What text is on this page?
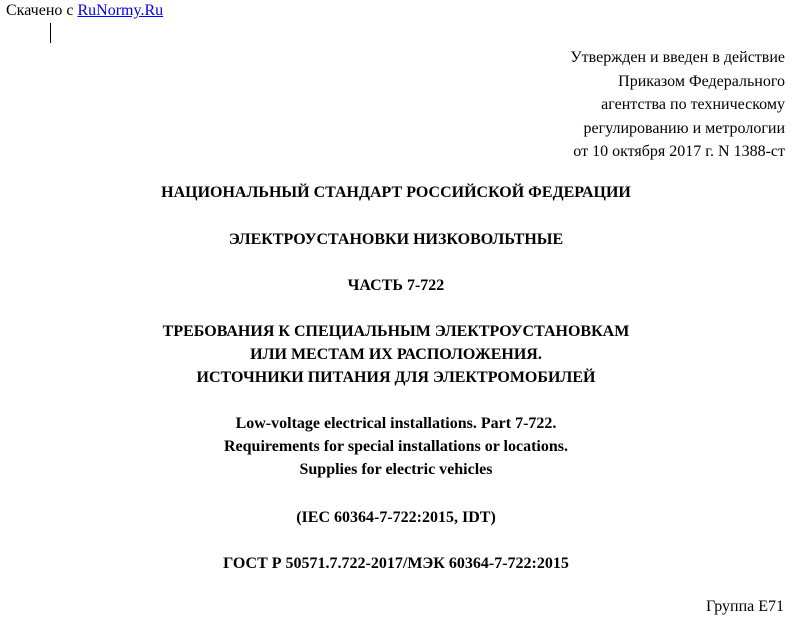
Скачено с RuNormy.Ru
Утвержден и введен в действие
Приказом Федерального
агентства по техническому
регулированию и метрологии
от 10 октября 2017 г. N 1388-ст
НАЦИОНАЛЬНЫЙ СТАНДАРТ РОССИЙСКОЙ ФЕДЕРАЦИИ
ЭЛЕКТРОУСТАНОВКИ НИЗКОВОЛЬТНЫЕ
ЧАСТЬ 7-722
ТРЕБОВАНИЯ К СПЕЦИАЛЬНЫМ ЭЛЕКТРОУСТАНОВКАМ
ИЛИ МЕСТАМ ИХ РАСПОЛОЖЕНИЯ.
ИСТОЧНИКИ ПИТАНИЯ ДЛЯ ЭЛЕКТРОМОБИЛЕЙ
Low-voltage electrical installations. Part 7-722.
Requirements for special installations or locations.
Supplies for electric vehicles
(IEC 60364-7-722:2015, IDT)
ГОСТ Р 50571.7.722-2017/МЭК 60364-7-722:2015
Группа Е71
